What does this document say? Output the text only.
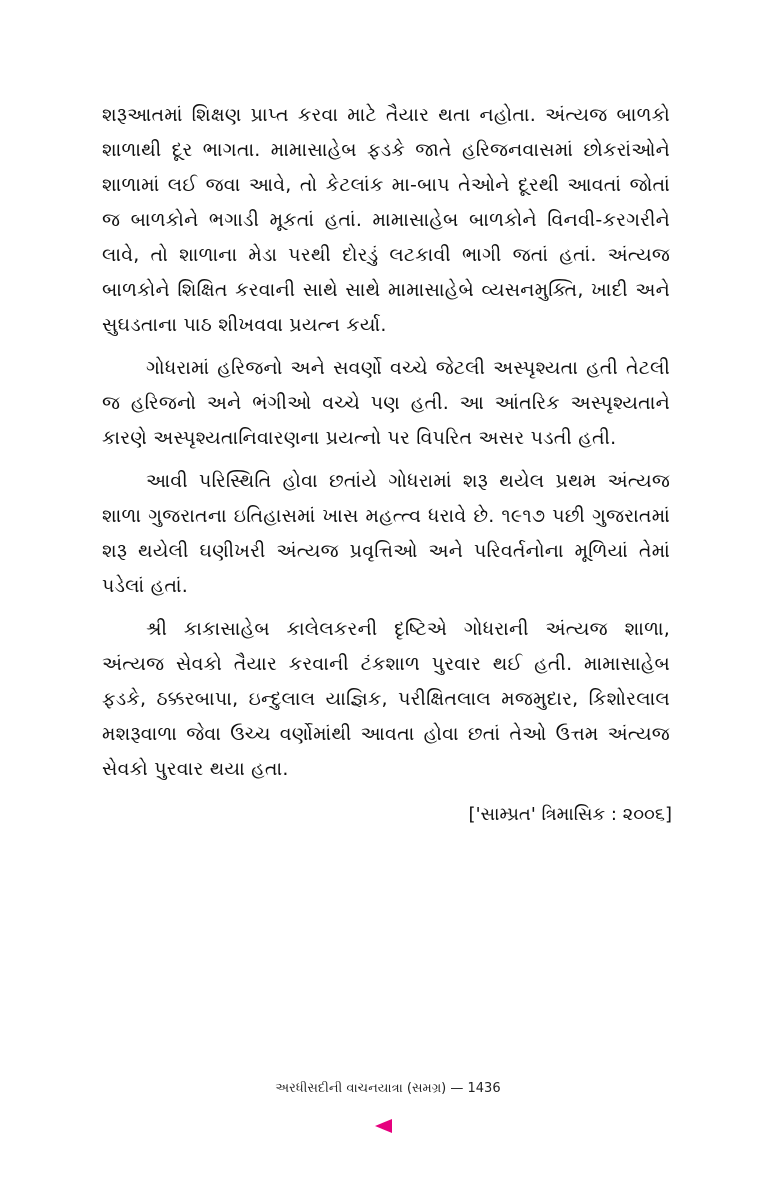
શરૂઆતમાં શિક્ષણ પ્રાપ્ત કરવા માટે તૈયાર થતા નહોતા. અંત્યજ બાળકો શાળાથી દૂર ભાગતા. મામાસાહેબ ફડકે જાતે હરિજનવાસમાં છોકરાંઓને શાળામાં લઈ જવા આવે, તો કેટલાંક મા-બાપ તેઓને દૂરથી આવતાં જોતાં જ બાળકોને ભગાડી મૂકતાં હતાં. મામાસાહેબ બાળકોને વિનવી-કરગરીને લાવે, તો શાળાના મેડા પરથી દોરડું લટકાવી ભાગી જતાં હતાં. અંત્યજ બાળકોને શિક્ષિત કરવાની સાથે સાથે મામાસાહેબે વ્યસનમુક્તિ, ખાદી અને સુઘડતાના પાઠ શીખવવા પ્રયત્ન કર્યા.

ગોધરામાં હરિજનો અને સવર્ણો વચ્ચે જેટલી અસ્પૃશ્યતા હતી તેટલી જ હરિજનો અને ભંગીઓ વચ્ચે પણ હતી. આ આંતરિક અસ્પૃશ્યતાને કારણે અસ્પૃશ્યતાનિવારણના પ્રયત્નો પર વિપરિત અસર પડતી હતી.

આવી પરિસ્થિતિ હોવા છતાંયે ગોધરામાં શરૂ થયેલ પ્રથમ અંત્યજ શાળા ગુજરાતના ઇતિહાસમાં ખાસ મહત્ત્વ ધરાવે છે. ૧૯૧૭ પછી ગુજરાતમાં શરૂ થયેલી ઘણીખરી અંત્યજ પ્રવૃત્તિઓ અને પરિવર્તનોના મૂળિયાં તેમાં પડેલાં હતાં.

શ્રી કાકાસાહેબ કાલેલકરની દૃષ્ટિએ ગોધરાની અંત્યજ શાળા, અંત્યજ સેવકો તૈયાર કરવાની ટંકશાળ પુરવાર થઈ હતી. મામાસાહેબ ફડકે, ઠક્કરબાપા, ઇન્દુલાલ યાજ્ઞિક, પરીક્ષિતલાલ મજમુદાર, કિશોરલાલ મશરૂવાળા જેવા ઉચ્ચ વર્ણોમાંથી આવતા હોવા છતાં તેઓ ઉત્તમ અંત્યજ સેવકો પુરવાર થયા હતા.

['સામ્પ્રત' ત્રિમાસિક : ૨૦૦૬]
અરધીસદીની વાચનયાત્રા (સમગ્ર) — 1436
